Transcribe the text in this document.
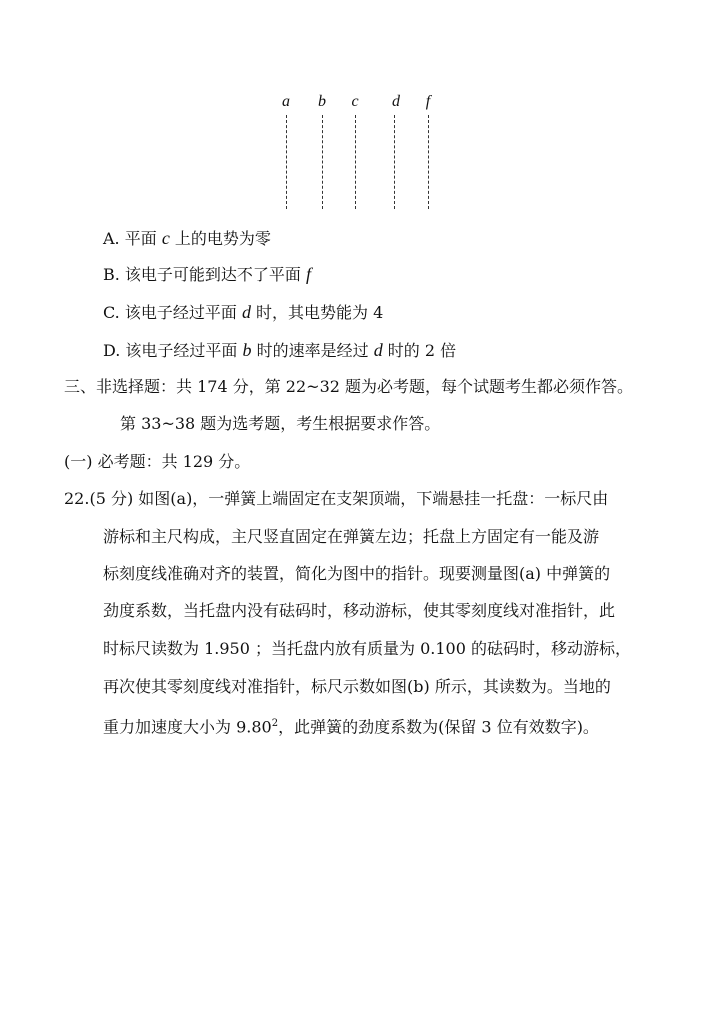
a b c d f
A. 平面 c 上的电势为零
B. 该电子可能到达不了平面 f
C. 该电子经过平面 d 时，其电势能为 4
D. 该电子经过平面 b 时的速率是经过 d 时的 2 倍
三、非选择题：共 174 分，第 22~32 题为必考题，每个试题考生都必须作答。
第 33~38 题为选考题，考生根据要求作答。
(一) 必考题：共 129 分。
22.(5 分) 如图(a)，一弹簧上端固定在支架顶端，下端悬挂一托盘：一标尺由
游标和主尺构成，主尺竖直固定在弹簧左边；托盘上方固定有一能及游
标刻度线准确对齐的装置，简化为图中的指针。现要测量图(a) 中弹簧的
劲度系数，当托盘内没有砝码时，移动游标，使其零刻度线对准指针，此
时标尺读数为 1.950 ；当托盘内放有质量为 0.100 的砝码时，移动游标，
再次使其零刻度线对准指针，标尺示数如图(b) 所示，其读数为。当地的
重力加速度大小为 9.80$^2$，此弹簧的劲度系数为(保留 3 位有效数字)。
